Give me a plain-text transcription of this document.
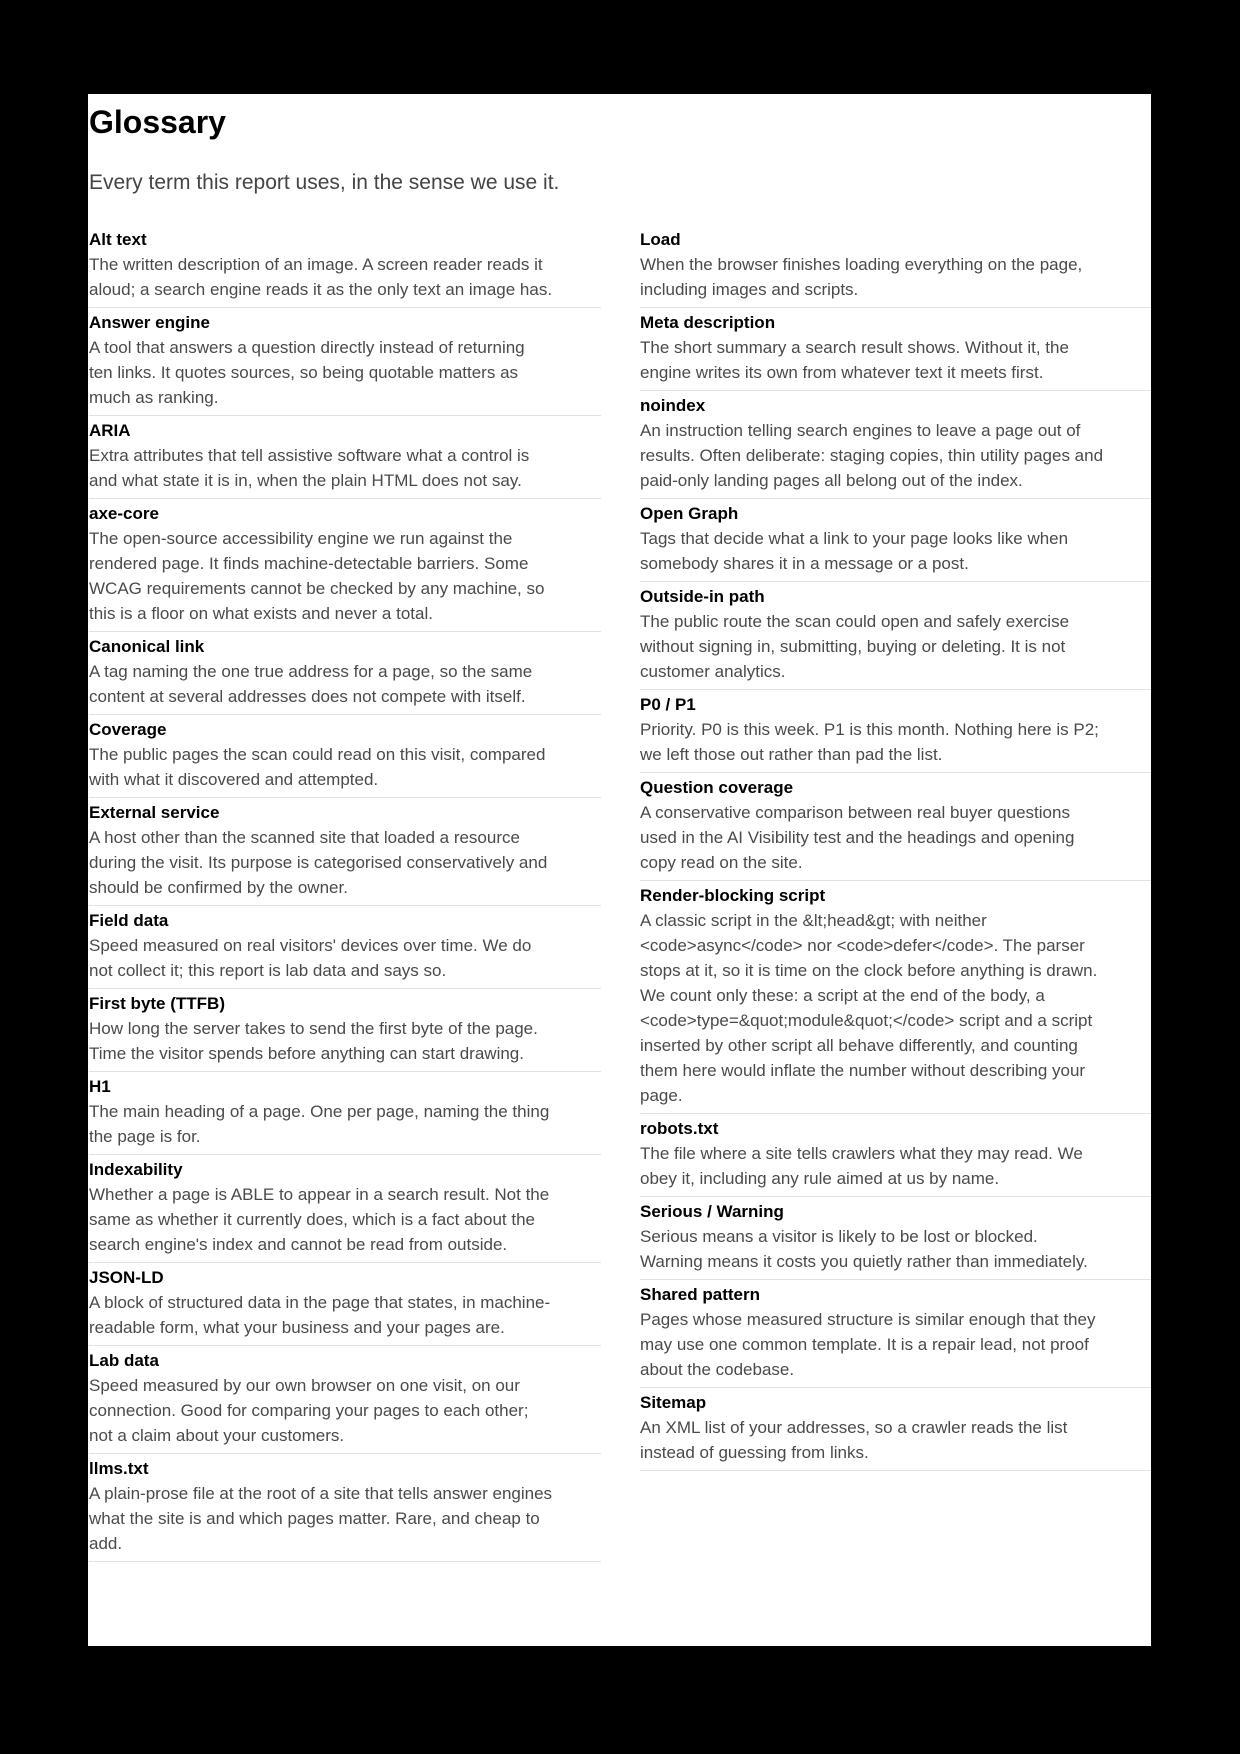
Glossary

Every term this report uses, in the sense we use it.

Alt text
The written description of an image. A screen reader reads it
aloud; a search engine reads it as the only text an image has.
Answer engine
A tool that answers a question directly instead of returning
ten links. It quotes sources, so being quotable matters as
much as ranking.
ARIA
Extra attributes that tell assistive software what a control is
and what state it is in, when the plain HTML does not say.
axe-core
The open-source accessibility engine we run against the
rendered page. It finds machine-detectable barriers. Some
WCAG requirements cannot be checked by any machine, so
this is a floor on what exists and never a total.
Canonical link
A tag naming the one true address for a page, so the same
content at several addresses does not compete with itself.
Coverage
The public pages the scan could read on this visit, compared
with what it discovered and attempted.
External service
A host other than the scanned site that loaded a resource
during the visit. Its purpose is categorised conservatively and
should be confirmed by the owner.
Field data
Speed measured on real visitors' devices over time. We do
not collect it; this report is lab data and says so.
First byte (TTFB)
How long the server takes to send the first byte of the page.
Time the visitor spends before anything can start drawing.
H1
The main heading of a page. One per page, naming the thing
the page is for.
Indexability
Whether a page is ABLE to appear in a search result. Not the
same as whether it currently does, which is a fact about the
search engine's index and cannot be read from outside.
JSON-LD
A block of structured data in the page that states, in machine-
readable form, what your business and your pages are.
Lab data
Speed measured by our own browser on one visit, on our
connection. Good for comparing your pages to each other;
not a claim about your customers.
llms.txt
A plain-prose file at the root of a site that tells answer engines
what the site is and which pages matter. Rare, and cheap to
add.
Load
When the browser finishes loading everything on the page,
including images and scripts.
Meta description
The short summary a search result shows. Without it, the
engine writes its own from whatever text it meets first.
noindex
An instruction telling search engines to leave a page out of
results. Often deliberate: staging copies, thin utility pages and
paid-only landing pages all belong out of the index.
Open Graph
Tags that decide what a link to your page looks like when
somebody shares it in a message or a post.
Outside-in path
The public route the scan could open and safely exercise
without signing in, submitting, buying or deleting. It is not
customer analytics.
P0 / P1
Priority. P0 is this week. P1 is this month. Nothing here is P2;
we left those out rather than pad the list.
Question coverage
A conservative comparison between real buyer questions
used in the AI Visibility test and the headings and opening
copy read on the site.
Render-blocking script
A classic script in the &lt;head&gt; with neither
<code>async</code> nor <code>defer</code>. The parser
stops at it, so it is time on the clock before anything is drawn.
We count only these: a script at the end of the body, a
<code>type=&quot;module&quot;</code> script and a script
inserted by other script all behave differently, and counting
them here would inflate the number without describing your
page.
robots.txt
The file where a site tells crawlers what they may read. We
obey it, including any rule aimed at us by name.
Serious / Warning
Serious means a visitor is likely to be lost or blocked.
Warning means it costs you quietly rather than immediately.
Shared pattern
Pages whose measured structure is similar enough that they
may use one common template. It is a repair lead, not proof
about the codebase.
Sitemap
An XML list of your addresses, so a crawler reads the list
instead of guessing from links.
